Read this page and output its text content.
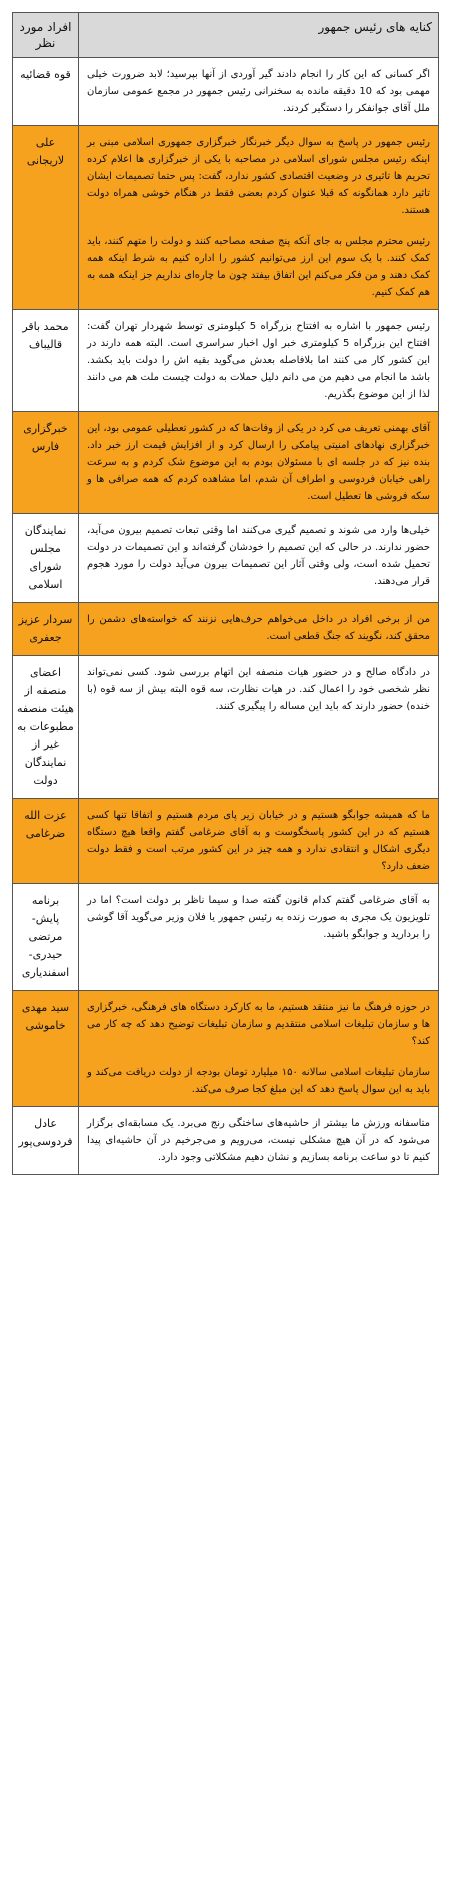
کنایه های رئیس جمهور	افراد مورد نظر

اگر کسانی که این کار را انجام دادند گیر آوردی از آنها بپرسید؛ لابد ضرورت خیلی مهمی بود که 10 دقیقه مانده به سخنرانی رئیس جمهور در مجمع عمومی سازمان ملل آقای جوانفکر را دستگیر کردند.	قوه قضائیه

رئیس جمهور در پاسخ به سوال دیگر خبرنگار خبرگزاری جمهوری اسلامی مبنی بر اینکه رئیس مجلس شورای اسلامی در مصاحبه با یکی از خبرگزاری ها اعلام کرده تحریم ها تاثیری در وضعیت اقتصادی کشور ندارد، گفت: پس حتما تصمیمات ایشان تاثیر دارد همانگونه که قبلا عنوان کردم بعضی فقط در هنگام خوشی همراه دولت هستند.

رئیس محترم مجلس به جای آنکه پنج صفحه مصاحبه کنند و دولت را متهم کنند، باید کمک کنند. با یک سوم این ارز می‌توانیم کشور را اداره کنیم به شرط اینکه همه کمک دهند و من فکر می‌کنم این اتفاق بیفتد چون ما چاره‌ای نداریم جز اینکه همه به هم کمک کنیم.	علی لاریجانی

رئیس جمهور با اشاره به افتتاح بزرگراه 5 کیلومتری توسط شهردار تهران گفت: افتتاح این بزرگراه 5 کیلومتری خبر اول اخبار سراسری است. البته همه دارند در این کشور کار می کنند اما بلافاصله بعدش می‌گوید بقیه اش را دولت باید بکشد. باشد ما انجام می دهیم من می دانم دلیل حملات به دولت چیست ملت هم می دانند لذا از این موضوع بگذریم.	محمد باقر قالیباف

آقای بهمنی تعریف می کرد در یکی از وفات‌ها که در کشور تعطیلی عمومی بود، این خبرگزاری نهادهای امنیتی پیامکی را ارسال کرد و از افزایش قیمت ارز خبر داد. بنده نیز که در جلسه ای با مسئولان بودم به این موضوع شک کردم و به سرعت راهی خیابان فردوسی و اطراف آن شدم، اما مشاهده کردم که همه صرافی ها و سکه فروشی ها تعطیل است.	خبرگزاری فارس

خیلی‌ها وارد می شوند و تصمیم گیری می‌کنند اما وقتی تبعات تصمیم بیرون می‌آید، حضور ندارند. در حالی که این تصمیم را خودشان گرفته‌اند و این تصمیمات در دولت تحمیل شده است، ولی وقتی آثار این تصمیمات بیرون می‌آید دولت را مورد هجوم قرار می‌دهند.	نمایندگان مجلس شورای اسلامی

من از برخی افراد در داخل می‌خواهم حرف‌هایی نزنند که خواسته‌های دشمن را محقق کند، نگویند که جنگ قطعی است.	سردار عزیز جعفری

در دادگاه صالح و در حضور هیات منصفه این اتهام بررسی شود. کسی نمی‌تواند نظر شخصی خود را اعمال کند. در هیات نظارت، سه قوه البته بیش از سه قوه (با خنده) حضور دارند که باید این مساله را پیگیری کنند.	اعضای منصفه از هیئت منصفه مطبوعات به غیر از نمایندگان دولت

ما که همیشه جوابگو هستیم و در خیابان زیر پای مردم هستیم و اتفاقا تنها کسی هستیم که در این کشور پاسخگوست و به آقای ضرغامی گفتم واقعا هیچ دستگاه دیگری اشکال و انتقادی ندارد و همه چیز در این کشور مرتب است و فقط دولت ضعف دارد؟	عزت الله ضرغامی

به آقای ضرغامی گفتم کدام قانون گفته صدا و سیما ناظر بر دولت است؟ اما در تلویزیون یک مجری به صورت زنده به رئیس جمهور یا فلان وزیر می‌گوید آقا گوشی را بردارید و جوابگو باشید.	برنامه پایش- مرتضی حیدری- اسفندیاری

در حوزه فرهنگ ما نیز منتقد هستیم، ما به کارکرد دستگاه های فرهنگی، خبرگزاری ها و سازمان تبلیغات اسلامی منتقدیم و سازمان تبلیغات توضیح دهد که چه کار می کند؟

سازمان تبلیغات اسلامی سالانه ۱۵۰ میلیارد تومان بودجه از دولت دریافت می‌کند و باید به این سوال پاسخ دهد که این مبلغ کجا صرف می‌کند.	سید مهدی خاموشی

متاسفانه ورزش ما بیشتر از حاشیه‌های ساختگی رنج می‌برد. یک مسابقه‌ای برگزار می‌شود که در آن هیچ مشکلی نیست، می‌رویم و می‌جرخیم در آن حاشیه‌ای پیدا کنیم تا دو ساعت برنامه بسازیم و نشان دهیم مشکلاتی وجود دارد.	عادل فردوسی‌پور
